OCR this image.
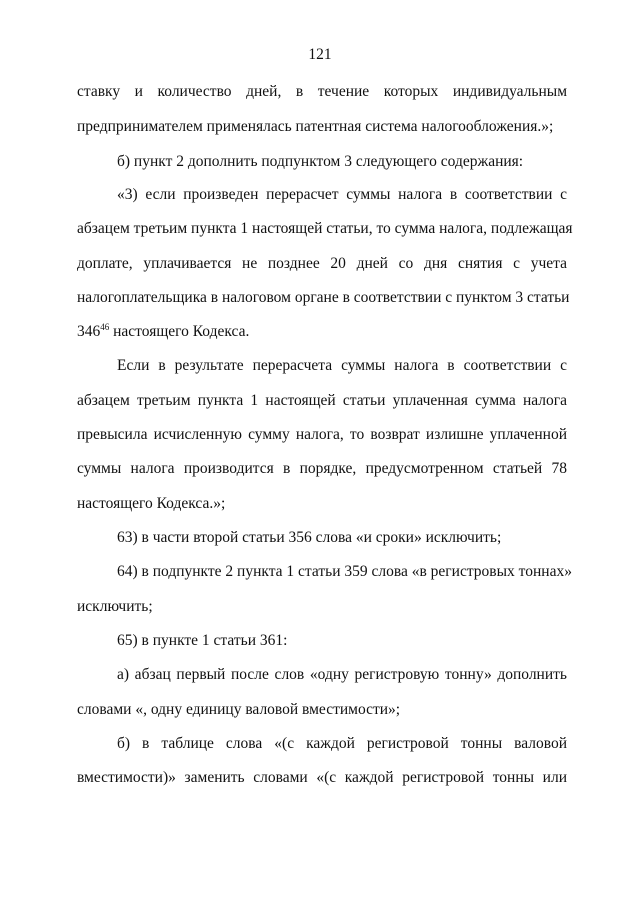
121
ставку и количество дней, в течение которых индивидуальным
предпринимателем применялась патентная система налогообложения.»;
б) пункт 2 дополнить подпунктом 3 следующего содержания:
«3) если произведен перерасчет суммы налога в соответствии с
абзацем третьим пункта 1 настоящей статьи, то сумма налога, подлежащая
доплате, уплачивается не позднее 20 дней со дня снятия с учета
налогоплательщика в налоговом органе в соответствии с пунктом 3 статьи
$346^{46}$ настоящего Кодекса.
Если в результате перерасчета суммы налога в соответствии с
абзацем третьим пункта 1 настоящей статьи уплаченная сумма налога
превысила исчисленную сумму налога, то возврат излишне уплаченной
суммы налога производится в порядке, предусмотренном статьей 78
настоящего Кодекса.»;
63) в части второй статьи 356 слова «и сроки» исключить;
64) в подпункте 2 пункта 1 статьи 359 слова «в регистровых тоннах»
исключить;
65) в пункте 1 статьи 361:
а) абзац первый после слов «одну регистровую тонну» дополнить
словами «, одну единицу валовой вместимости»;
б) в таблице слова «(с каждой регистровой тонны валовой
вместимости)» заменить словами «(с каждой регистровой тонны или
